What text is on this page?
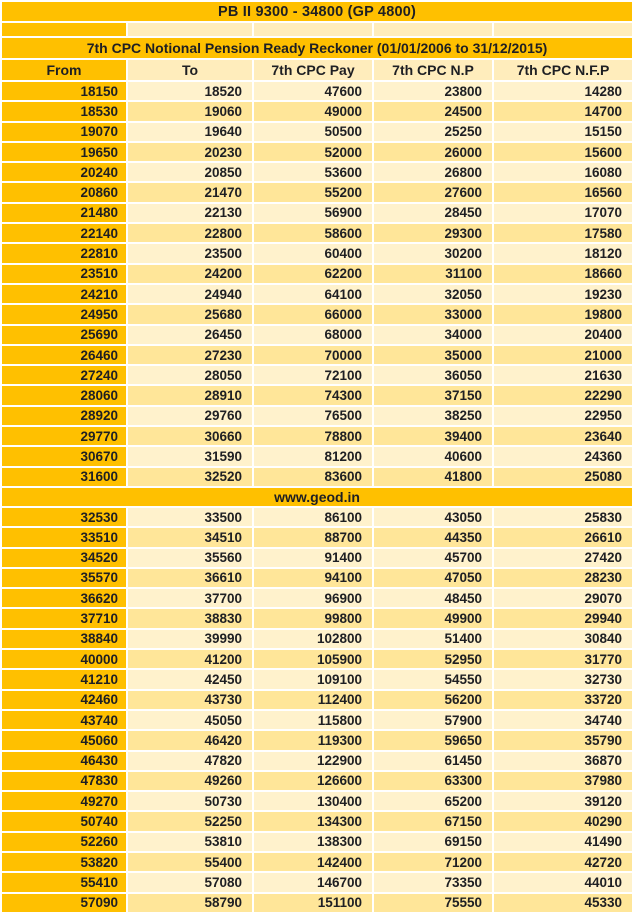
PB II 9300 - 34800 (GP 4800)				

7th CPC Notional Pension Ready Reckoner (01/01/2006 to 31/12/2015)				
From	To	7th CPC Pay	7th CPC N.P	7th CPC N.F.P
18150	18520	47600	23800	14280
18530	19060	49000	24500	14700
19070	19640	50500	25250	15150
19650	20230	52000	26000	15600
20240	20850	53600	26800	16080
20860	21470	55200	27600	16560
21480	22130	56900	28450	17070
22140	22800	58600	29300	17580
22810	23500	60400	30200	18120
23510	24200	62200	31100	18660
24210	24940	64100	32050	19230
24950	25680	66000	33000	19800
25690	26450	68000	34000	20400
26460	27230	70000	35000	21000
27240	28050	72100	36050	21630
28060	28910	74300	37150	22290
28920	29760	76500	38250	22950
29770	30660	78800	39400	23640
30670	31590	81200	40600	24360
31600	32520	83600	41800	25080
www.geod.in				
32530	33500	86100	43050	25830
33510	34510	88700	44350	26610
34520	35560	91400	45700	27420
35570	36610	94100	47050	28230
36620	37700	96900	48450	29070
37710	38830	99800	49900	29940
38840	39990	102800	51400	30840
40000	41200	105900	52950	31770
41210	42450	109100	54550	32730
42460	43730	112400	56200	33720
43740	45050	115800	57900	34740
45060	46420	119300	59650	35790
46430	47820	122900	61450	36870
47830	49260	126600	63300	37980
49270	50730	130400	65200	39120
50740	52250	134300	67150	40290
52260	53810	138300	69150	41490
53820	55400	142400	71200	42720
55410	57080	146700	73350	44010
57090	58790	151100	75550	45330
